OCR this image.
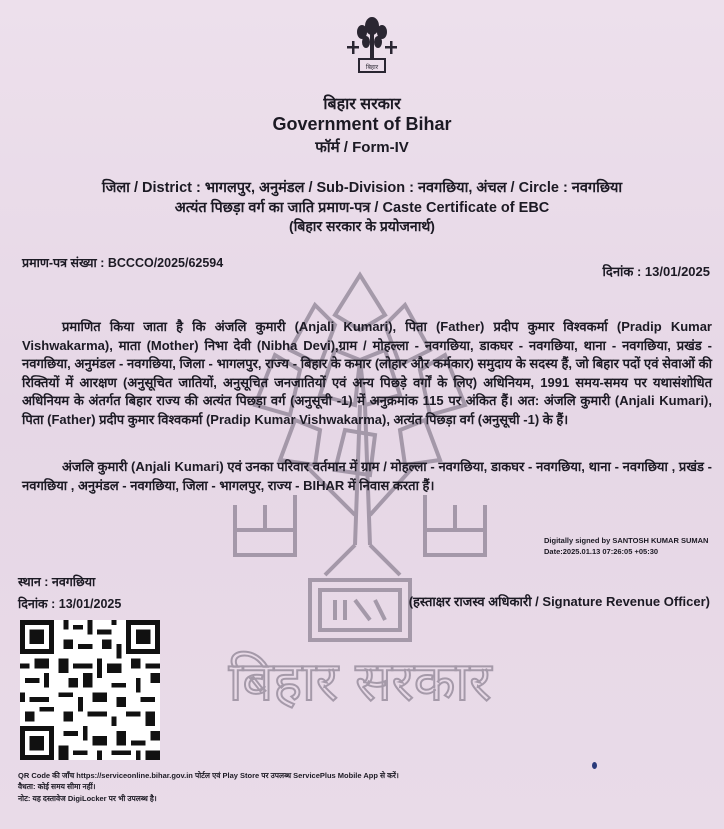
बिहार सरकार
बिहार
बिहार सरकार
Government of Bihar
फॉर्म / Form-IV
जिला / District : भागलपुर, अनुमंडल / Sub-Division : नवगछिया, अंचल / Circle : नवगछिया
अत्यंत पिछड़ा वर्ग का जाति प्रमाण-पत्र / Caste Certificate of EBC
(बिहार सरकार के प्रयोजनार्थ)
प्रमाण-पत्र संख्या : BCCCO/2025/62594
दिनांक : 13/01/2025

प्रमाणित किया जाता है कि अंजलि कुमारी (Anjali Kumari), पिता (Father) प्रदीप कुमार विश्वकर्मा (Pradip Kumar Vishwakarma), माता (Mother) निभा देवी (Nibha Devi),ग्राम / मोहल्ला - नवगछिया, डाकघर - नवगछिया, थाना - नवगछिया, प्रखंड - नवगछिया, अनुमंडल - नवगछिया, जिला - भागलपुर, राज्य - बिहार के कमार (लोहार और कर्मकार) समुदाय के सदस्य हैं, जो बिहार पदों एवं सेवाओं की रिक्तियों में आरक्षण (अनुसूचित जातियों, अनुसूचित जनजातियों एवं अन्य पिछड़े वर्गों के लिए) अधिनियम, 1991 समय-समय पर यथासंशोधित अधिनियम के अंतर्गत बिहार राज्य की अत्यंत पिछड़ा वर्ग (अनुसूची -1) में अनुक्रमांक 115 पर अंकित हैं। अत: अंजलि कुमारी (Anjali Kumari), पिता (Father) प्रदीप कुमार विश्वकर्मा (Pradip Kumar Vishwakarma), अत्यंत पिछड़ा वर्ग (अनुसूची -1) के हैं।

अंजलि कुमारी (Anjali Kumari) एवं उनका परिवार वर्तमान में ग्राम / मोहल्ला - नवगछिया, डाकघर - नवगछिया, थाना - नवगछिया , प्रखंड - नवगछिया , अनुमंडल - नवगछिया, जिला - भागलपुर, राज्य - BIHAR में निवास करता हैं।

Digitally signed by SANTOSH KUMAR SUMAN
Date:2025.01.13 07:26:05 +05:30
स्थान : नवगछिया
दिनांक : 13/01/2025	(हस्ताक्षर राजस्व अधिकारी / Signature Revenue Officer)
QR Code की जाँच https://serviceonline.bihar.gov.in पोर्टल एवं Play Store पर उपलब्ध ServicePlus Mobile App से करें।
वैधता: कोई समय सीमा नहीं।
नोट: यह दस्तावेज DigiLocker पर भी उपलब्ध है।
